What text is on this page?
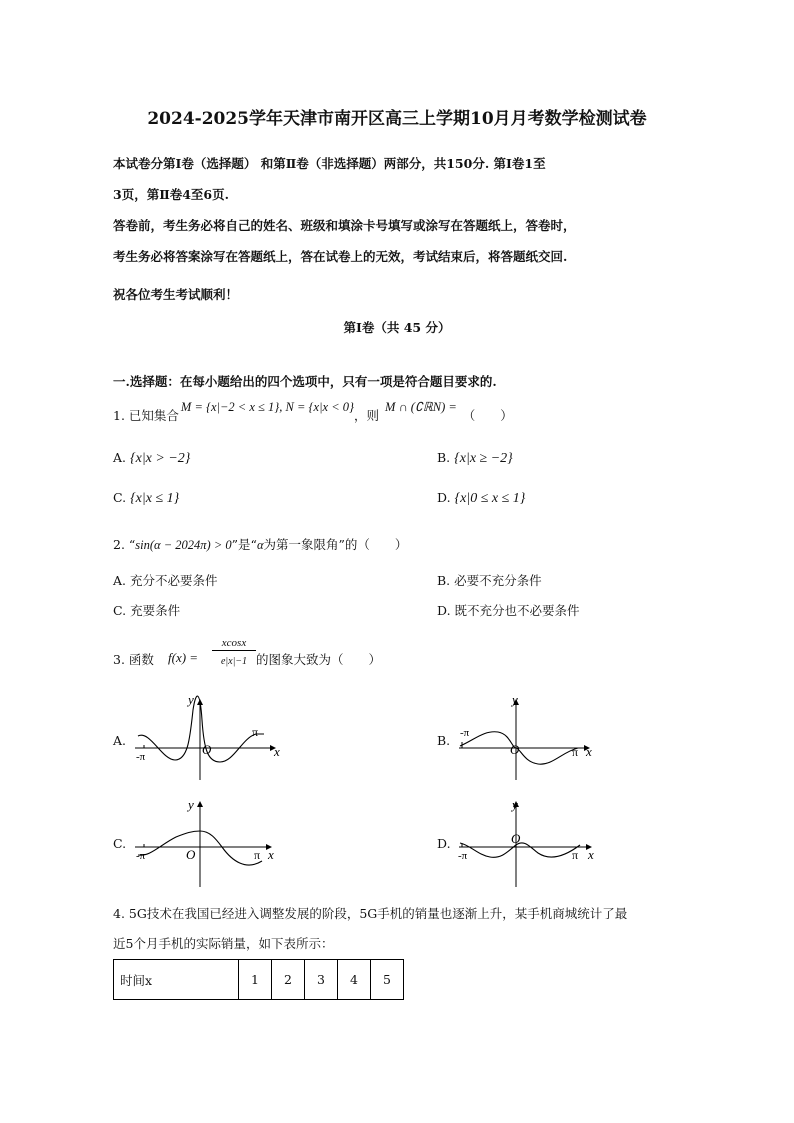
2024-2025学年天津市南开区高三上学期10月月考数学检测试卷
本试卷分第Ⅰ卷（选择题） 和第Ⅱ卷（非选择题）两部分，共150分. 第Ⅰ卷1至
3页，第Ⅱ卷4至6页.
答卷前，考生务必将自己的姓名、班级和填涂卡号填写或涂写在答题纸上，答卷时，
考生务必将答案涂写在答题纸上，答在试卷上的无效，考试结束后，将答题纸交回.
祝各位考生考试顺利！
第Ⅰ卷（共 45 分）
一.选择题：在每小题给出的四个选项中，只有一项是符合题目要求的.
1. 已知集合M = {x|−2 < x ≤ 1}, N = {x|x < 0}，则M ∩ (∁ℝN) =（　　）
A. {x|x > −2}	B. {x|x ≥ −2}
C. {x|x ≤ 1}	D. {x|0 ≤ x ≤ 1}
2. “sin(α − 2024π) > 0”是“α为第一象限角”的（　　）
A. 充分不必要条件	B. 必要不充分条件
C. 充要条件	D. 既不充分也不必要条件
3. 函数 f(x) =
xcosx
e|x|−1 的图象大致为（　　）
A.	B.
C.	D.
x
y
O
-π
π
x
y
O
-π
π
x
y
O
-π	π	x
y
O
-π	π
4. 5G技术在我国已经进入调整发展的阶段，5G手机的销量也逐渐上升，某手机商城统计了最
近5个月手机的实际销量，如下表所示：
时间x	1	2	3	4	5
